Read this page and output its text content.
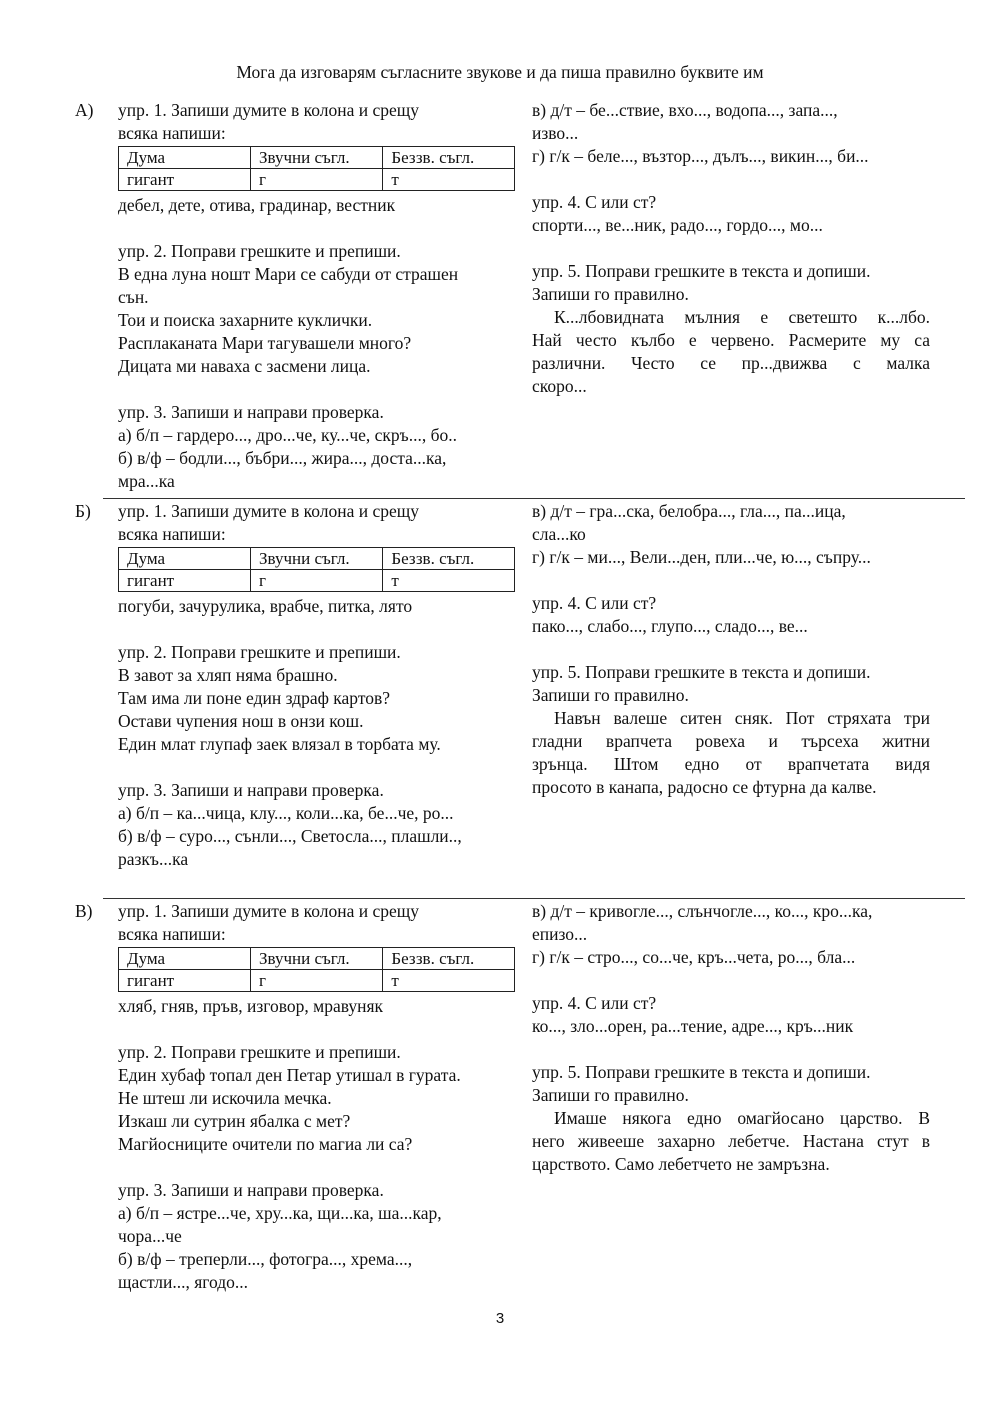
Мога да изговарям съгласните звукове и да пиша правилно буквите им
А) упр. 1. Запиши думите в колона и срещу
всяка напиши:
Дума	Звучни съгл.	Беззв. съгл.
гигант	г	т
дебел, дете, отива, градинар, вестник
упр. 2. Поправи грешките и препиши.
В една луна ношт Мари се сабуди от страшен
сън.
Тои и поиска захарните куклички.
Расплаканата Мари тагувашели много?
Дицата ми наваха с засмени лица.
упр. 3. Запиши и направи проверка.
а) б/п – гардеро..., дро...че, ку...че, скръ..., бо..
б) в/ф – бодли..., бъбри..., жира..., доста...ка,
мра...ка
в) д/т – бе...ствие, вхо..., водопа..., запа...,
изво...
г) г/к – беле..., възтор..., дълъ..., викин..., би...
упр. 4. С или ст?
спорти..., ве...ник, радо..., гордо..., мо...
упр. 5. Поправи грешките в текста и допиши.
Запиши го правилно.
К...лбовидната мълния е светешто к...лбо.
Най често кълбо е червено. Расмерите му са
различни. Често се пр...движва с малка
скоро...
Б) упр. 1. Запиши думите в колона и срещу
всяка напиши:
Дума	Звучни съгл.	Беззв. съгл.
гигант	г	т
погуби, зачурулика, врабче, питка, лято
упр. 2. Поправи грешките и препиши.
В завот за хляп няма брашно.
Там има ли поне един здраф картов?
Остави чупения нош в онзи кош.
Един млат глупаф заек влязал в торбата му.
упр. 3. Запиши и направи проверка.
а) б/п – ка...чица, клу..., коли...ка, бе...че, ро...
б) в/ф – суро..., сънли..., Светосла..., плашли..,
разкъ...ка
в) д/т – гра...ска, белобра..., гла..., па...ица,
сла...ко
г) г/к – ми..., Вели...ден, пли...че, ю..., съпру...
упр. 4. С или ст?
пако..., слабо..., глупо..., сладо..., ве...
упр. 5. Поправи грешките в текста и допиши.
Запиши го правилно.
Навън валеше ситен сняк. Пот стряхата три
гладни врапчета ровеха и търсеха житни
зрънца. Штом едно от врапчетата видя
просото в канапа, радосно се фтурна да калве.
В) упр. 1. Запиши думите в колона и срещу
всяка напиши:
Дума	Звучни съгл.	Беззв. съгл.
гигант	г	т
хляб, гняв, пръв, изговор, мравуняк
упр. 2. Поправи грешките и препиши.
Един хубаф топал ден Петар утишал в гурата.
Не штеш ли искочила мечка.
Изкаш ли сутрин ябалка с мет?
Магйосниците очители по магиа ли са?
упр. 3. Запиши и направи проверка.
а) б/п – ястре...че, хру...ка, щи...ка, ша...кар,
чора...че
б) в/ф – треперли..., фотогра..., хрема...,
щастли..., ягодо...
в) д/т – кривогле..., слънчогле..., ко..., кро...ка,
епизо...
г) г/к – стро..., со...че, кръ...чета, ро..., бла...
упр. 4. С или ст?
ко..., зло...орен, ра...тение, адре..., кръ...ник
упр. 5. Поправи грешките в текста и допиши.
Запиши го правилно.
Имаше някога едно омагйосано царство. В
него живееше захарно лебетче. Настана стут в
царството. Само лебетчето не замръзна.
3
